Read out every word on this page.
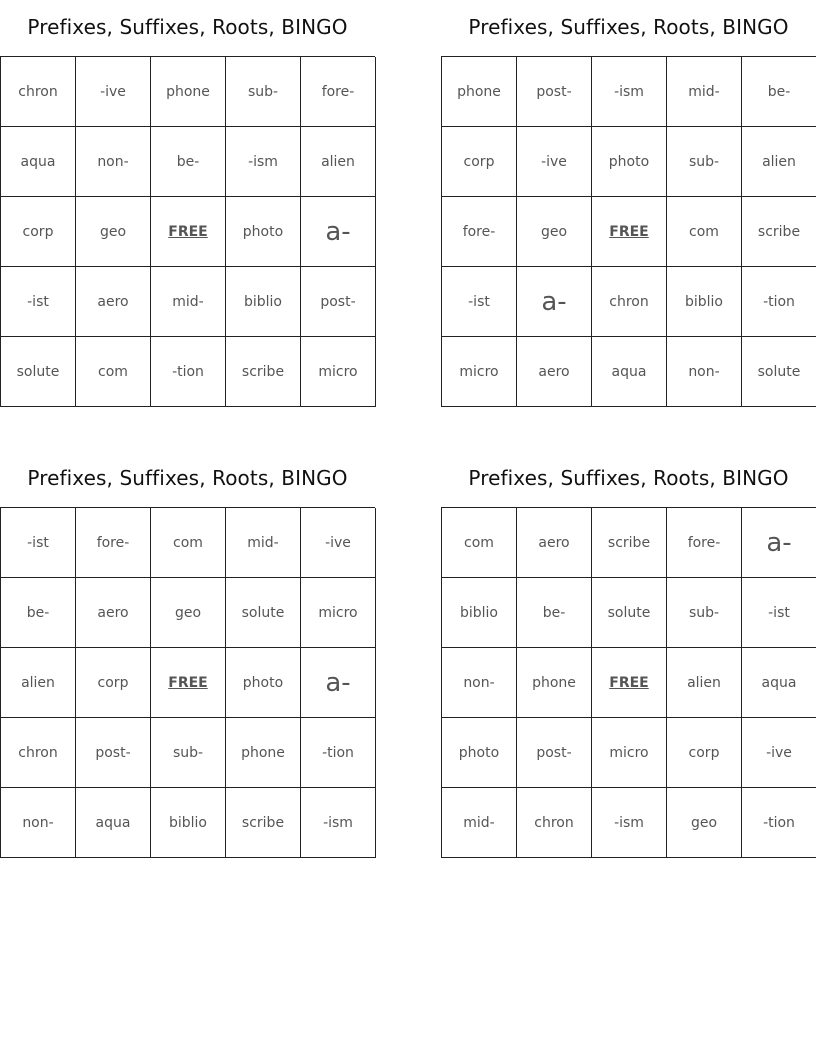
Prefixes, Suffixes, Roots, BINGO
chron	-ive	phone	sub-	fore-
aqua	non-	be-	-ism	alien
corp	geo	FREE	photo	a-
-ist	aero	mid-	biblio	post-
solute	com	-tion	scribe	micro
Prefixes, Suffixes, Roots, BINGO
phone	post-	-ism	mid-	be-
corp	-ive	photo	sub-	alien
fore-	geo	FREE	com	scribe
-ist	a-	chron	biblio	-tion
micro	aero	aqua	non-	solute
Prefixes, Suffixes, Roots, BINGO
-ist	fore-	com	mid-	-ive
be-	aero	geo	solute	micro
alien	corp	FREE	photo	a-
chron	post-	sub-	phone	-tion
non-	aqua	biblio	scribe	-ism
Prefixes, Suffixes, Roots, BINGO
com	aero	scribe	fore-	a-
biblio	be-	solute	sub-	-ist
non-	phone	FREE	alien	aqua
photo	post-	micro	corp	-ive
mid-	chron	-ism	geo	-tion
